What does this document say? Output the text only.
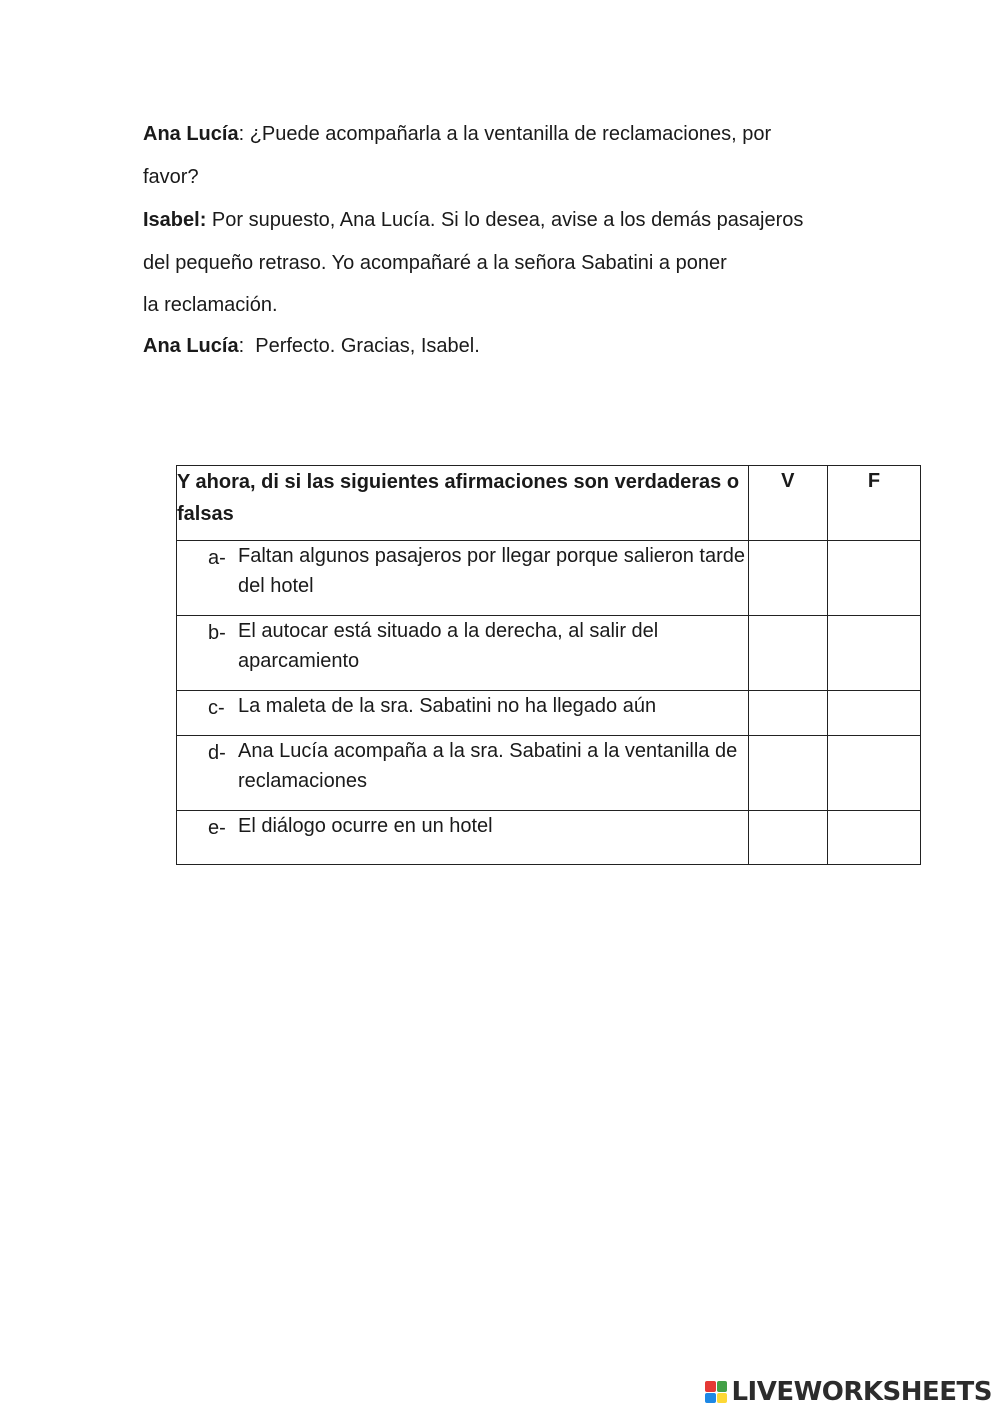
Ana Lucía: ¿Puede acompañarla a la ventanilla de reclamaciones, por

favor?

Isabel: Por supuesto, Ana Lucía. Si lo desea, avise a los demás pasajeros

del pequeño retraso. Yo acompañaré a la señora Sabatini a poner

la reclamación.

Ana Lucía:  Perfecto. Gracias, Isabel.

Y ahora, di si las siguientes afirmaciones son verdaderas o falsas	V	F

a- Faltan algunos pasajeros por llegar porque salieron tarde del hotel		

b- El autocar está situado a la derecha, al salir del aparcamiento		

c- La maleta de la sra. Sabatini no ha llegado aún		

d- Ana Lucía acompaña a la sra. Sabatini a la ventanilla de reclamaciones		

e- El diálogo ocurre en un hotel		

LIVEWORKSHEETS
